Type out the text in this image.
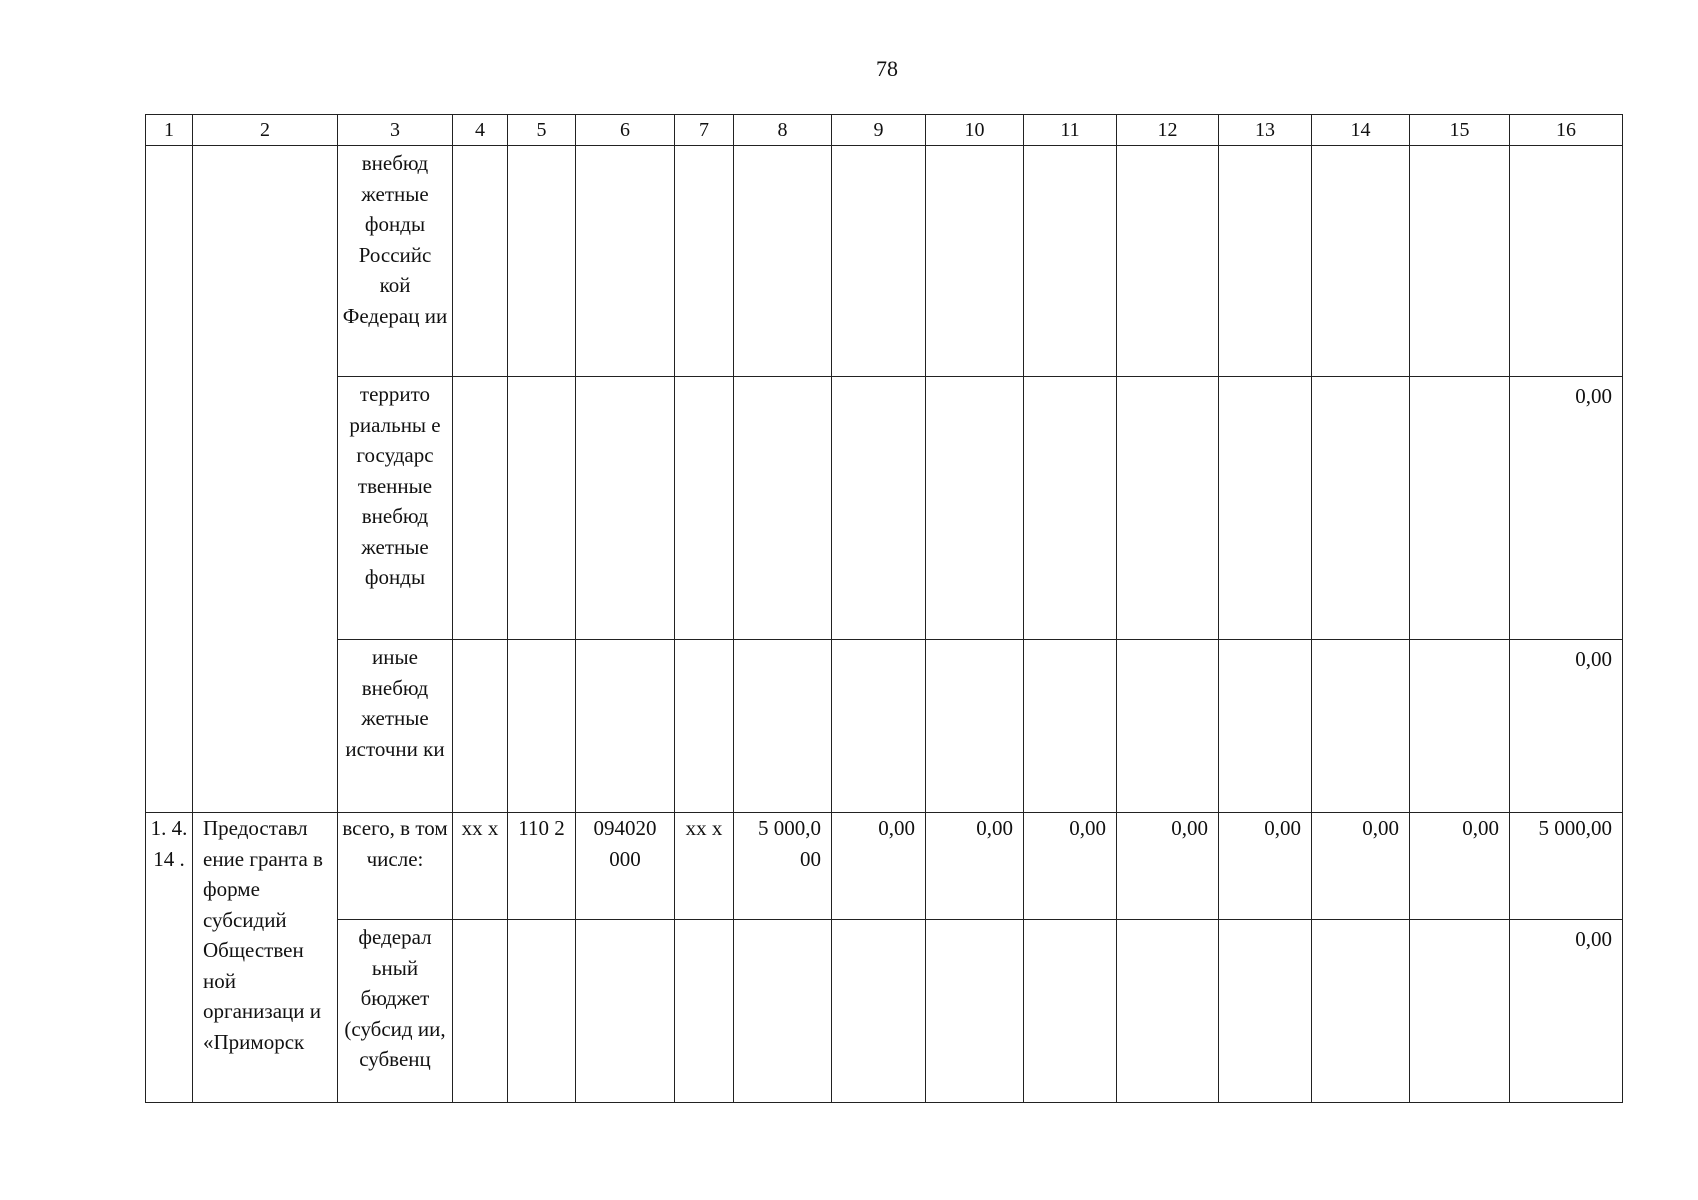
78
1	2	3	4	5	6	7	8	9	10	11	12	13	14	15	16
		внебюд жетные фонды Российс кой Федерац ии													
		террито риальны е государс твенные внебюд жетные фонды													0,00
		иные внебюд жетные источни ки													0,00
1. 4. 14 .	Предоставл ение гранта в форме субсидий Обществен ной организаци и «Приморск	всего, в том числе:	хх х	110 2	094020 000	хх х	5 000,0 00	0,00	0,00	0,00	0,00	0,00	0,00	0,00	5 000,00
		федерал ьный бюджет (субсид ии, субвенц													0,00
